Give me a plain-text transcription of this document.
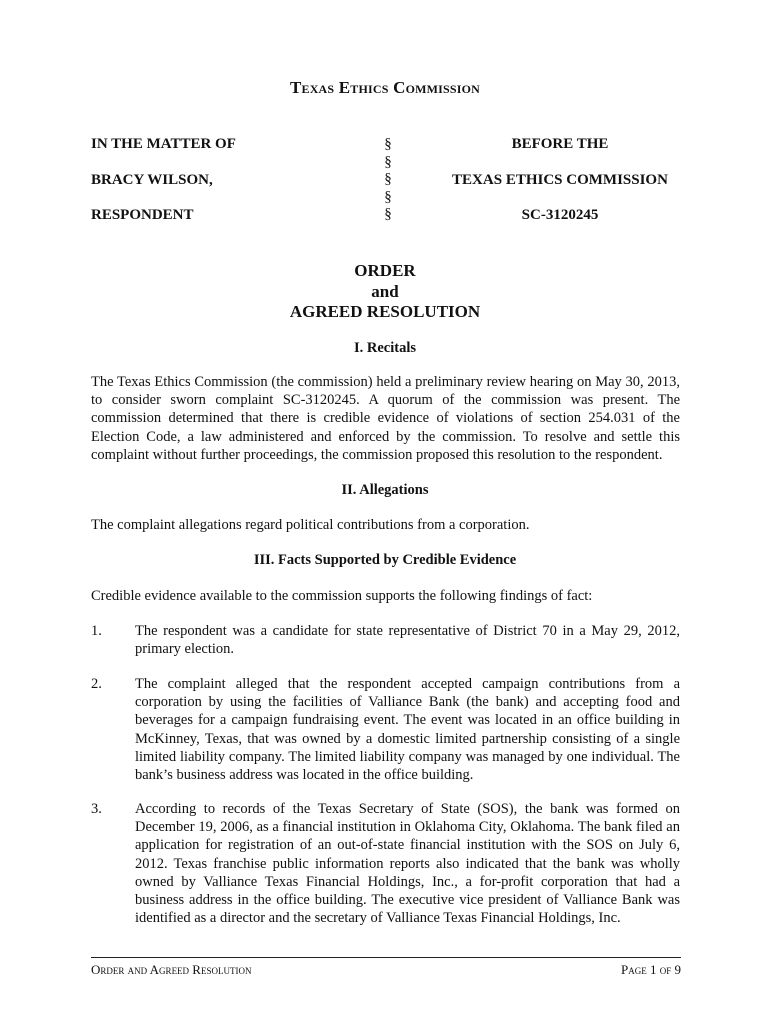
Texas Ethics Commission
IN THE MATTER OF
BRACY WILSON,
RESPONDENT
§
§
§
§
§
BEFORE THE
TEXAS ETHICS COMMISSION
SC-3120245
ORDER
and
AGREED RESOLUTION
I. Recitals
The Texas Ethics Commission (the commission) held a preliminary review hearing on May 30, 2013, to consider sworn complaint SC-3120245. A quorum of the commission was present. The commission determined that there is credible evidence of violations of section 254.031 of the Election Code, a law administered and enforced by the commission. To resolve and settle this complaint without further proceedings, the commission proposed this resolution to the respondent.
II. Allegations
The complaint allegations regard political contributions from a corporation.
III. Facts Supported by Credible Evidence
Credible evidence available to the commission supports the following findings of fact:
1. The respondent was a candidate for state representative of District 70 in a May 29, 2012, primary election.
2. The complaint alleged that the respondent accepted campaign contributions from a corporation by using the facilities of Valliance Bank (the bank) and accepting food and beverages for a campaign fundraising event. The event was located in an office building in McKinney, Texas, that was owned by a domestic limited partnership consisting of a single limited liability company. The limited liability company was managed by one individual. The bank’s business address was located in the office building.
3. According to records of the Texas Secretary of State (SOS), the bank was formed on December 19, 2006, as a financial institution in Oklahoma City, Oklahoma. The bank filed an application for registration of an out-of-state financial institution with the SOS on July 6, 2012. Texas franchise public information reports also indicated that the bank was wholly owned by Valliance Texas Financial Holdings, Inc., a for-profit corporation that had a business address in the office building. The executive vice president of Valliance Bank was identified as a director and the secretary of Valliance Texas Financial Holdings, Inc.
Order and Agreed Resolution	Page 1 of 9
